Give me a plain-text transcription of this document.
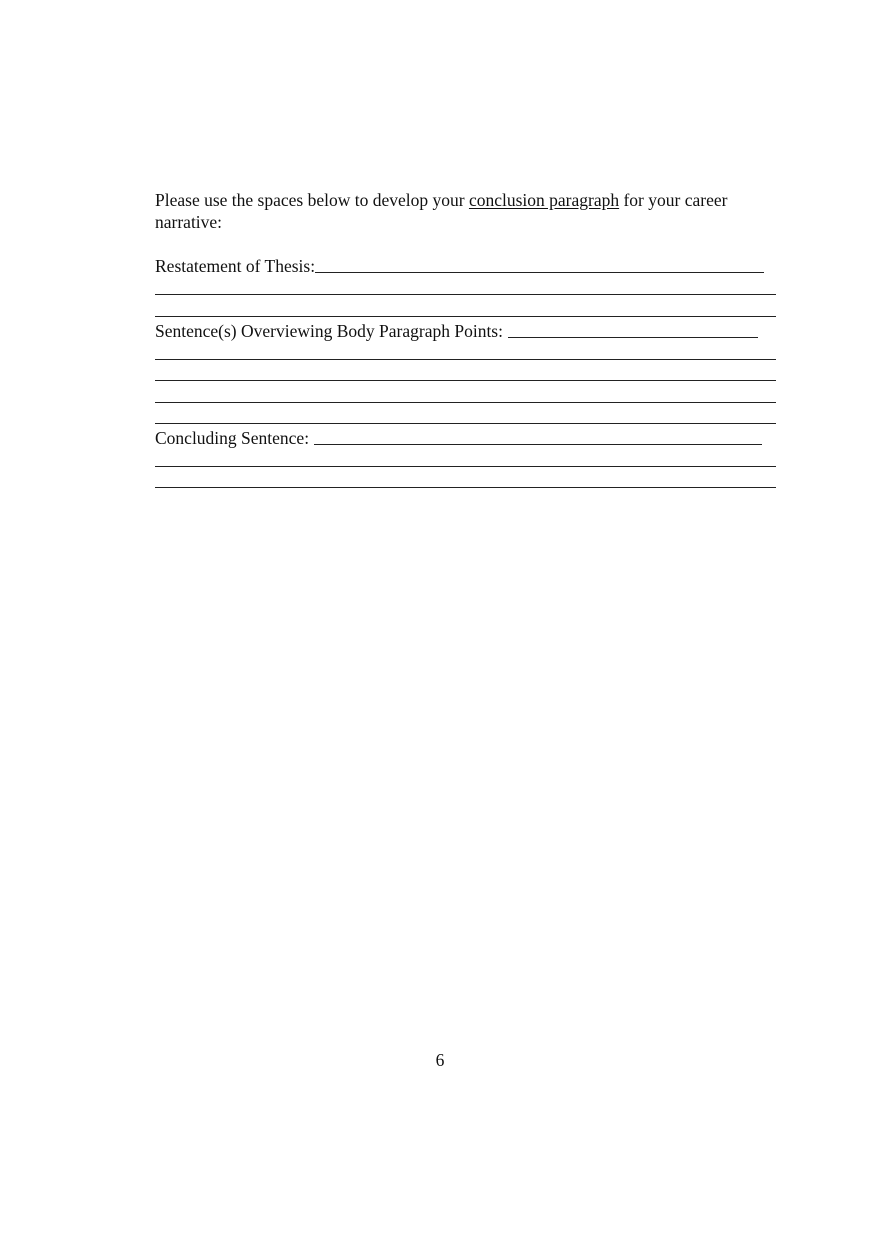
Please use the spaces below to develop your conclusion paragraph for your career narrative:

Restatement of Thesis:
Sentence(s) Overviewing Body Paragraph Points:
Concluding Sentence:
6
